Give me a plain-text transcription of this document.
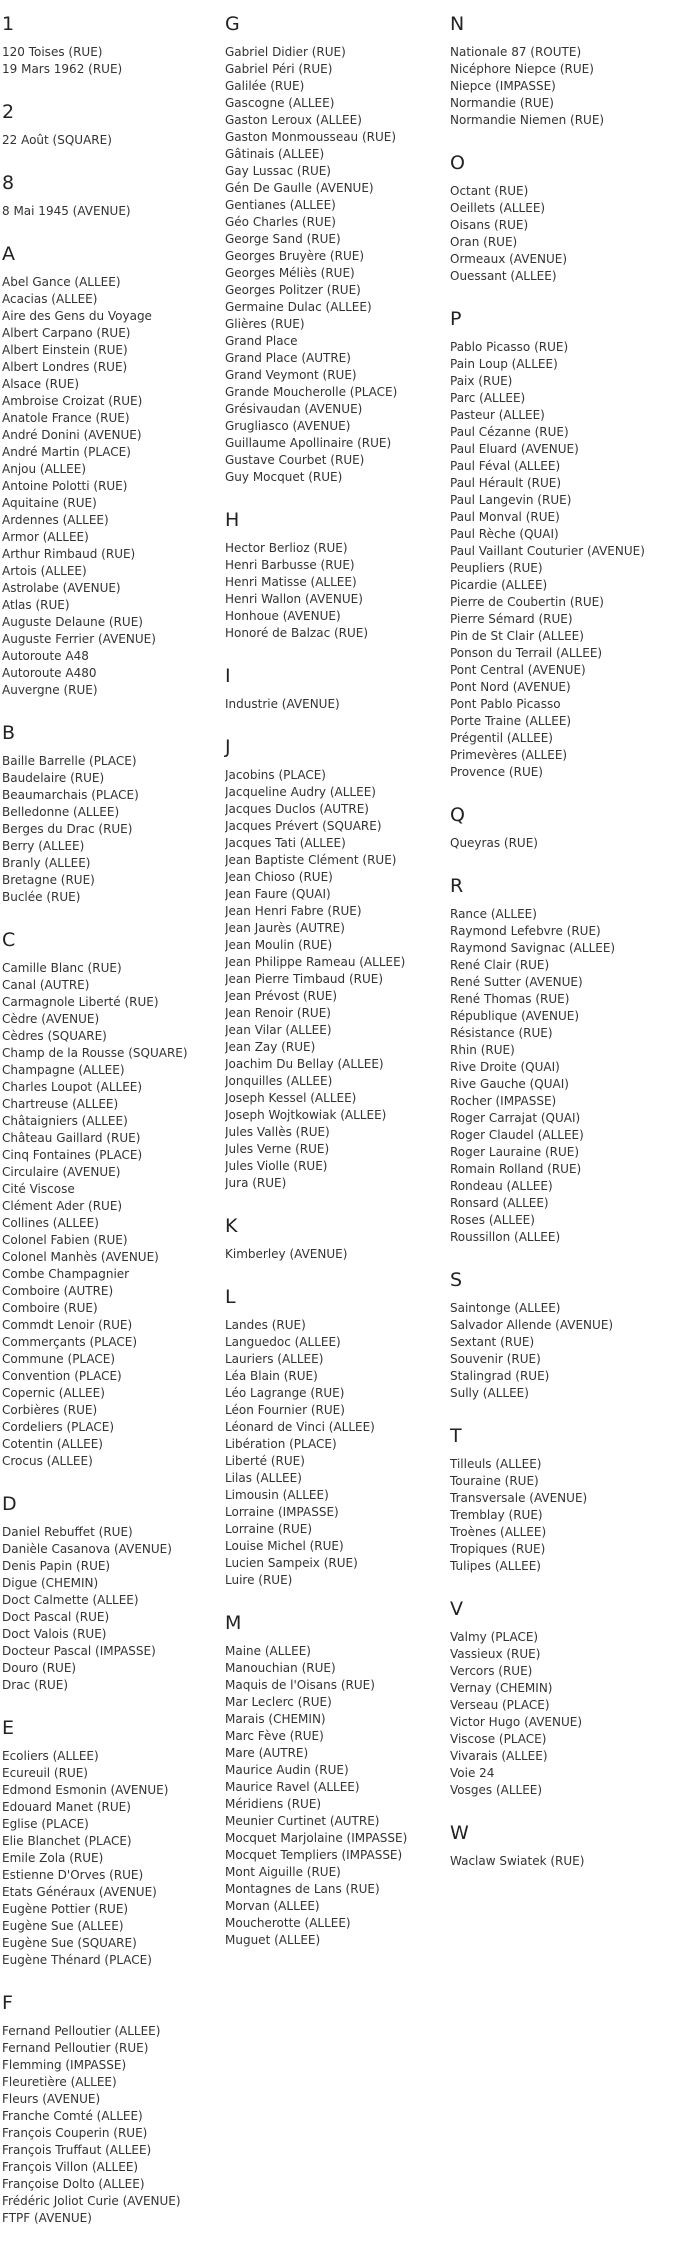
1
120 Toises (RUE)
19 Mars 1962 (RUE)
2
22 Août (SQUARE)
8
8 Mai 1945 (AVENUE)
A
Abel Gance (ALLEE)
Acacias (ALLEE)
Aire des Gens du Voyage
Albert Carpano (RUE)
Albert Einstein (RUE)
Albert Londres (RUE)
Alsace (RUE)
Ambroise Croizat (RUE)
Anatole France (RUE)
André Donini (AVENUE)
André Martin (PLACE)
Anjou (ALLEE)
Antoine Polotti (RUE)
Aquitaine (RUE)
Ardennes (ALLEE)
Armor (ALLEE)
Arthur Rimbaud (RUE)
Artois (ALLEE)
Astrolabe (AVENUE)
Atlas (RUE)
Auguste Delaune (RUE)
Auguste Ferrier (AVENUE)
Autoroute A48
Autoroute A480
Auvergne (RUE)
B
Baille Barrelle (PLACE)
Baudelaire (RUE)
Beaumarchais (PLACE)
Belledonne (ALLEE)
Berges du Drac (RUE)
Berry (ALLEE)
Branly (ALLEE)
Bretagne (RUE)
Buclée (RUE)
C
Camille Blanc (RUE)
Canal (AUTRE)
Carmagnole Liberté (RUE)
Cèdre (AVENUE)
Cèdres (SQUARE)
Champ de la Rousse (SQUARE)
Champagne (ALLEE)
Charles Loupot (ALLEE)
Chartreuse (ALLEE)
Châtaigniers (ALLEE)
Château Gaillard (RUE)
Cinq Fontaines (PLACE)
Circulaire (AVENUE)
Cité Viscose
Clément Ader (RUE)
Collines (ALLEE)
Colonel Fabien (RUE)
Colonel Manhès (AVENUE)
Combe Champagnier
Comboire (AUTRE)
Comboire (RUE)
Commdt Lenoir (RUE)
Commerçants (PLACE)
Commune (PLACE)
Convention (PLACE)
Copernic (ALLEE)
Corbières (RUE)
Cordeliers (PLACE)
Cotentin (ALLEE)
Crocus (ALLEE)
D
Daniel Rebuffet (RUE)
Danièle Casanova (AVENUE)
Denis Papin (RUE)
Digue (CHEMIN)
Doct Calmette (ALLEE)
Doct Pascal (RUE)
Doct Valois (RUE)
Docteur Pascal (IMPASSE)
Douro (RUE)
Drac (RUE)
E
Ecoliers (ALLEE)
Ecureuil (RUE)
Edmond Esmonin (AVENUE)
Edouard Manet (RUE)
Eglise (PLACE)
Elie Blanchet (PLACE)
Emile Zola (RUE)
Estienne D'Orves (RUE)
Etats Généraux (AVENUE)
Eugène Pottier (RUE)
Eugène Sue (ALLEE)
Eugène Sue (SQUARE)
Eugène Thénard (PLACE)
F
Fernand Pelloutier (ALLEE)
Fernand Pelloutier (RUE)
Flemming (IMPASSE)
Fleuretière (ALLEE)
Fleurs (AVENUE)
Franche Comté (ALLEE)
François Couperin (RUE)
François Truffaut (ALLEE)
François Villon (ALLEE)
Françoise Dolto (ALLEE)
Frédéric Joliot Curie (AVENUE)
FTPF (AVENUE)
G
Gabriel Didier (RUE)
Gabriel Péri (RUE)
Galilée (RUE)
Gascogne (ALLEE)
Gaston Leroux (ALLEE)
Gaston Monmousseau (RUE)
Gâtinais (ALLEE)
Gay Lussac (RUE)
Gén De Gaulle (AVENUE)
Gentianes (ALLEE)
Géo Charles (RUE)
George Sand (RUE)
Georges Bruyère (RUE)
Georges Méliès (RUE)
Georges Politzer (RUE)
Germaine Dulac (ALLEE)
Glières (RUE)
Grand Place
Grand Place (AUTRE)
Grand Veymont (RUE)
Grande Moucherolle (PLACE)
Grésivaudan (AVENUE)
Grugliasco (AVENUE)
Guillaume Apollinaire (RUE)
Gustave Courbet (RUE)
Guy Mocquet (RUE)
H
Hector Berlioz (RUE)
Henri Barbusse (RUE)
Henri Matisse (ALLEE)
Henri Wallon (AVENUE)
Honhoue (AVENUE)
Honoré de Balzac (RUE)
I
Industrie (AVENUE)
J
Jacobins (PLACE)
Jacqueline Audry (ALLEE)
Jacques Duclos (AUTRE)
Jacques Prévert (SQUARE)
Jacques Tati (ALLEE)
Jean Baptiste Clément (RUE)
Jean Chioso (RUE)
Jean Faure (QUAI)
Jean Henri Fabre (RUE)
Jean Jaurès (AUTRE)
Jean Moulin (RUE)
Jean Philippe Rameau (ALLEE)
Jean Pierre Timbaud (RUE)
Jean Prévost (RUE)
Jean Renoir (RUE)
Jean Vilar (ALLEE)
Jean Zay (RUE)
Joachim Du Bellay (ALLEE)
Jonquilles (ALLEE)
Joseph Kessel (ALLEE)
Joseph Wojtkowiak (ALLEE)
Jules Vallès (RUE)
Jules Verne (RUE)
Jules Violle (RUE)
Jura (RUE)
K
Kimberley (AVENUE)
L
Landes (RUE)
Languedoc (ALLEE)
Lauriers (ALLEE)
Léa Blain (RUE)
Léo Lagrange (RUE)
Léon Fournier (RUE)
Léonard de Vinci (ALLEE)
Libération (PLACE)
Liberté (RUE)
Lilas (ALLEE)
Limousin (ALLEE)
Lorraine (IMPASSE)
Lorraine (RUE)
Louise Michel (RUE)
Lucien Sampeix (RUE)
Luire (RUE)
M
Maine (ALLEE)
Manouchian (RUE)
Maquis de l'Oisans (RUE)
Mar Leclerc (RUE)
Marais (CHEMIN)
Marc Fève (RUE)
Mare (AUTRE)
Maurice Audin (RUE)
Maurice Ravel (ALLEE)
Méridiens (RUE)
Meunier Curtinet (AUTRE)
Mocquet Marjolaine (IMPASSE)
Mocquet Templiers (IMPASSE)
Mont Aiguille (RUE)
Montagnes de Lans (RUE)
Morvan (ALLEE)
Moucherotte (ALLEE)
Muguet (ALLEE)
N
Nationale 87 (ROUTE)
Nicéphore Niepce (RUE)
Niepce (IMPASSE)
Normandie (RUE)
Normandie Niemen (RUE)
O
Octant (RUE)
Oeillets (ALLEE)
Oisans (RUE)
Oran (RUE)
Ormeaux (AVENUE)
Ouessant (ALLEE)
P
Pablo Picasso (RUE)
Pain Loup (ALLEE)
Paix (RUE)
Parc (ALLEE)
Pasteur (ALLEE)
Paul Cézanne (RUE)
Paul Eluard (AVENUE)
Paul Féval (ALLEE)
Paul Hérault (RUE)
Paul Langevin (RUE)
Paul Monval (RUE)
Paul Rèche (QUAI)
Paul Vaillant Couturier (AVENUE)
Peupliers (RUE)
Picardie (ALLEE)
Pierre de Coubertin (RUE)
Pierre Sémard (RUE)
Pin de St Clair (ALLEE)
Ponson du Terrail (ALLEE)
Pont Central (AVENUE)
Pont Nord (AVENUE)
Pont Pablo Picasso
Porte Traine (ALLEE)
Prégentil (ALLEE)
Primevères (ALLEE)
Provence (RUE)
Q
Queyras (RUE)
R
Rance (ALLEE)
Raymond Lefebvre (RUE)
Raymond Savignac (ALLEE)
René Clair (RUE)
René Sutter (AVENUE)
René Thomas (RUE)
République (AVENUE)
Résistance (RUE)
Rhin (RUE)
Rive Droite (QUAI)
Rive Gauche (QUAI)
Rocher (IMPASSE)
Roger Carrajat (QUAI)
Roger Claudel (ALLEE)
Roger Lauraine (RUE)
Romain Rolland (RUE)
Rondeau (ALLEE)
Ronsard (ALLEE)
Roses (ALLEE)
Roussillon (ALLEE)
S
Saintonge (ALLEE)
Salvador Allende (AVENUE)
Sextant (RUE)
Souvenir (RUE)
Stalingrad (RUE)
Sully (ALLEE)
T
Tilleuls (ALLEE)
Touraine (RUE)
Transversale (AVENUE)
Tremblay (RUE)
Troènes (ALLEE)
Tropiques (RUE)
Tulipes (ALLEE)
V
Valmy (PLACE)
Vassieux (RUE)
Vercors (RUE)
Vernay (CHEMIN)
Verseau (PLACE)
Victor Hugo (AVENUE)
Viscose (PLACE)
Vivarais (ALLEE)
Voie 24
Vosges (ALLEE)
W
Waclaw Swiatek (RUE)
